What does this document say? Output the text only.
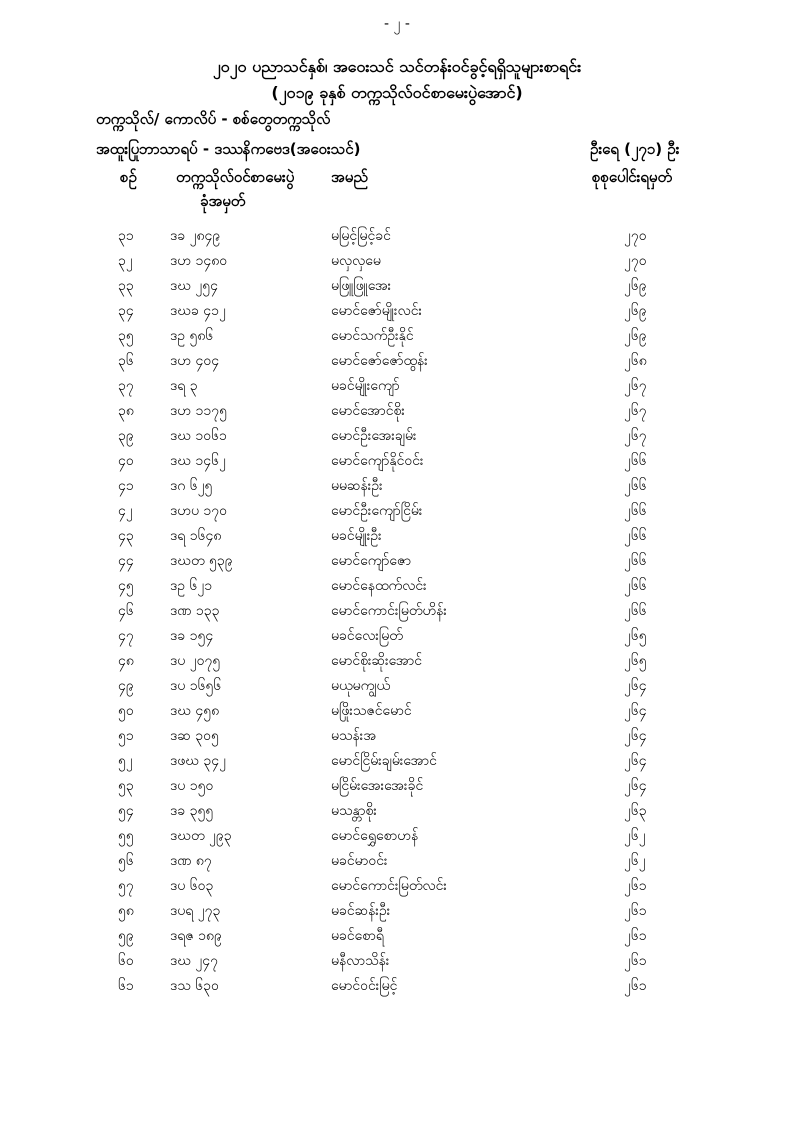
- ၂ -
၂၀၂၀ ပညာသင်နှစ်၊ အဝေးသင် သင်တန်းဝင်ခွင့်ရရှိသူများစာရင်း
(၂၀၁၉ ခုနှစ် တက္ကသိုလ်ဝင်စာမေးပွဲအောင်)
တက္ကသိုလ်/ ကောလိပ် - စစ်တွေတက္ကသိုလ်
အထူးပြုဘာသာရပ် - ဒဿနိကဗေဒ(အဝေးသင်)	ဦးရေ (၂၇၁) ဦး
စဉ်	တက္ကသိုလ်ဝင်စာမေးပွဲ
ခုံအမှတ်
အမည်	စုစုပေါင်းရမှတ်
၃၁	ဒခ ၂၈၄၉	မမြင့်မြင့်ခင်	၂၇၀
၃၂	ဒဟ ၁၄၈၀	မလှလှမေ	၂၇၀
၃၃	ဒဃ ၂၅၄	မဖြူဖြူအေး	၂၆၉
၃၄	ဒဃခ ၄၁၂	မောင်ဇော်မျိုးလင်း	၂၆၉
၃၅	ဒဥ ၅၈၆	မောင်သက်ဦးနိုင်	၂၆၉
၃၆	ဒဟ ၄၀၄	မောင်ဇော်ဇော်ထွန်း	၂၆၈
၃၇	ဒရ ၃	မခင်မျိုးကျော်	၂၆၇
၃၈	ဒဟ ၁၁၇၅	မောင်အောင်စိုး	၂၆၇
၃၉	ဒဃ ၁၀၆၁	မောင်ဦးအေးချမ်း	၂၆၇
၄၀	ဒဃ ၁၄၆၂	မောင်ကျော်နိုင်ဝင်း	၂၆၆
၄၁	ဒဂ ၆၂၅	မမဆန်းဦး	၂၆၆
၄၂	ဒဟပ ၁၇၀	မောင်ဦးကျော်ငြိမ်း	၂၆၆
၄၃	ဒရ ၁၆၄၈	မခင်မျိုးဦး	၂၆၆
၄၄	ဒဃတ ၅၃၉	မောင်ကျော်ဇော	၂၆၆
၄၅	ဒဥ ၆၂၁	မောင်နေထက်လင်း	၂၆၆
၄၆	ဒဏ ၁၃၃	မောင်ကောင်းမြတ်ဟိန်း	၂၆၆
၄၇	ဒခ ၁၅၄	မခင်လေးမြတ်	၂၆၅
၄၈	ဒပ ၂၀၇၅	မောင်စိုးဆိုးအောင်	၂၆၅
၄၉	ဒပ ၁၆၅၆	မယုမကျွယ်	၂၆၄
၅၀	ဒဃ ၄၅၈	မဖြိုးသဇင်မောင်	၂၆၄
၅၁	ဒဆ ၃၀၅	မသန်းအ	၂၆၄
၅၂	ဒဖဃ ၃၄၂	မောင်ငြိမ်းချမ်းအောင်	၂၆၄
၅၃	ဒပ ၁၅၀	မငြိမ်းအေးအေးခိုင်	၂၆၄
၅၄	ဒခ ၃၅၅	မသန္တာစိုး	၂၆၃
၅၅	ဒဃတ ၂၉၃	မောင်ရွှေစောဟန်	၂၆၂
၅၆	ဒဏ ၈၇	မခင်မာဝင်း	၂၆၂
၅၇	ဒပ ၆၀၃	မောင်ကောင်းမြတ်လင်း	၂၆၁
၅၈	ဒပရ ၂၇၃	မခင်ဆန်းဦး	၂၆၁
၅၉	ဒရဇ ၁၈၉	မခင်စောရီ	၂၆၁
၆၀	ဒဃ ၂၄၇	မနီလာသိန်း	၂၆၁
၆၁	ဒသ ၆၃၀	မောင်ဝင်းမြင့်	၂၆၁
